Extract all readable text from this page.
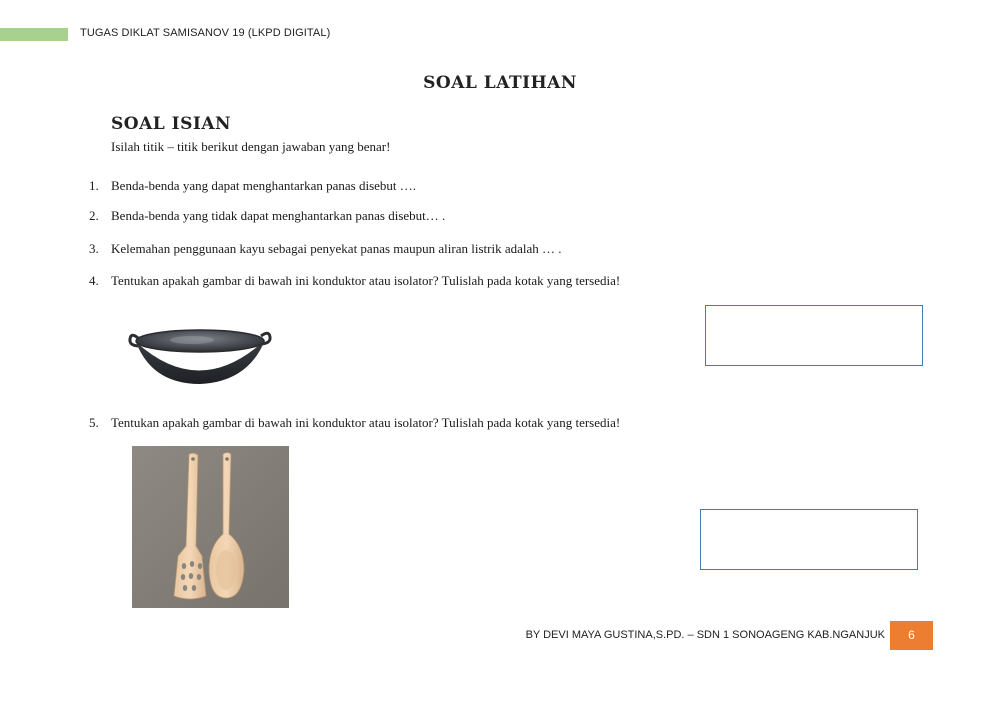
TUGAS DIKLAT SAMISANOV 19 (LKPD DIGITAL)
SOAL LATIHAN
SOAL ISIAN
Isilah titik – titik berikut dengan jawaban yang benar!
1. Benda-benda yang dapat menghantarkan panas disebut ….
2. Benda-benda yang tidak dapat menghantarkan panas disebut… .
3. Kelemahan penggunaan kayu sebagai penyekat panas maupun aliran listrik adalah … .
4. Tentukan apakah gambar di bawah ini konduktor atau isolator? Tulislah pada kotak yang tersedia!
5. Tentukan apakah gambar di bawah ini konduktor atau isolator? Tulislah pada kotak yang tersedia!
BY DEVI MAYA GUSTINA,S.PD. – SDN 1 SONOAGENG KAB.NGANJUK	6
